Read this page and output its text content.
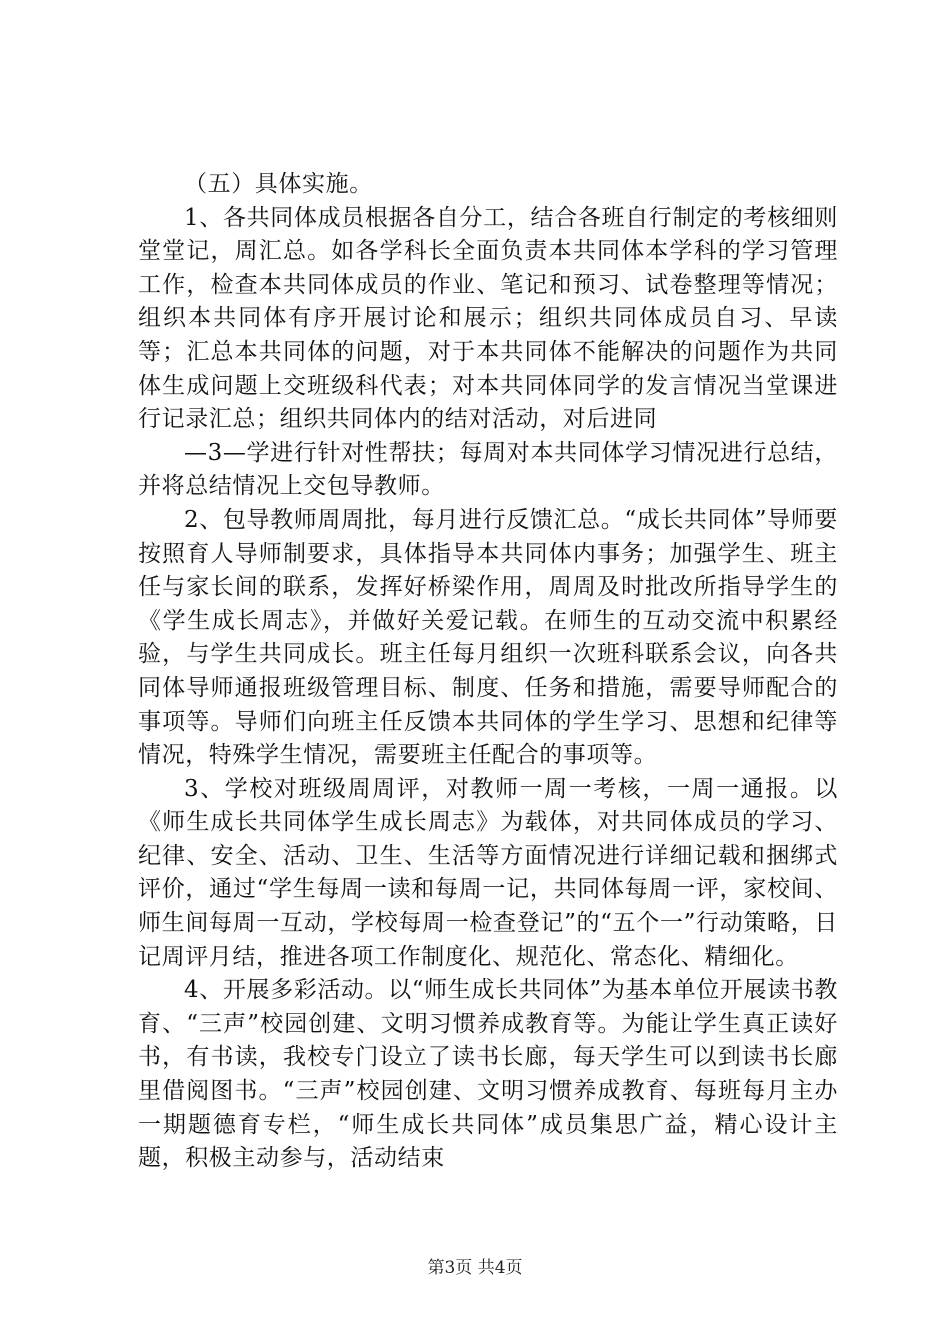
（五）具体实施。

1、各共同体成员根据各自分工，结合各班自行制定的考核细则堂堂记，周汇总。如各学科长全面负责本共同体本学科的学习管理工作，检查本共同体成员的作业、笔记和预习、试卷整理等情况；组织本共同体有序开展讨论和展示；组织共同体成员自习、早读等；汇总本共同体的问题，对于本共同体不能解决的问题作为共同体生成问题上交班级科代表；对本共同体同学的发言情况当堂课进行记录汇总；组织共同体内的结对活动，对后进同

—3—学进行针对性帮扶；每周对本共同体学习情况进行总结，并将总结情况上交包导教师。

2、包导教师周周批，每月进行反馈汇总。“成长共同体”导师要按照育人导师制要求，具体指导本共同体内事务；加强学生、班主任与家长间的联系，发挥好桥梁作用，周周及时批改所指导学生的《学生成长周志》，并做好关爱记载。在师生的互动交流中积累经验，与学生共同成长。班主任每月组织一次班科联系会议，向各共同体导师通报班级管理目标、制度、任务和措施，需要导师配合的事项等。导师们向班主任反馈本共同体的学生学习、思想和纪律等情况，特殊学生情况，需要班主任配合的事项等。

3、学校对班级周周评，对教师一周一考核，一周一通报。以《师生成长共同体学生成长周志》为载体，对共同体成员的学习、纪律、安全、活动、卫生、生活等方面情况进行详细记载和捆绑式评价，通过“学生每周一读和每周一记，共同体每周一评，家校间、师生间每周一互动，学校每周一检查登记”的“五个一”行动策略，日记周评月结，推进各项工作制度化、规范化、常态化、精细化。

4、开展多彩活动。以“师生成长共同体”为基本单位开展读书教育、“三声”校园创建、文明习惯养成教育等。为能让学生真正读好书，有书读，我校专门设立了读书长廊，每天学生可以到读书长廊里借阅图书。“三声”校园创建、文明习惯养成教育、每班每月主办一期题德育专栏，“师生成长共同体”成员集思广益，精心设计主题，积极主动参与，活动结束

第3页 共4页
